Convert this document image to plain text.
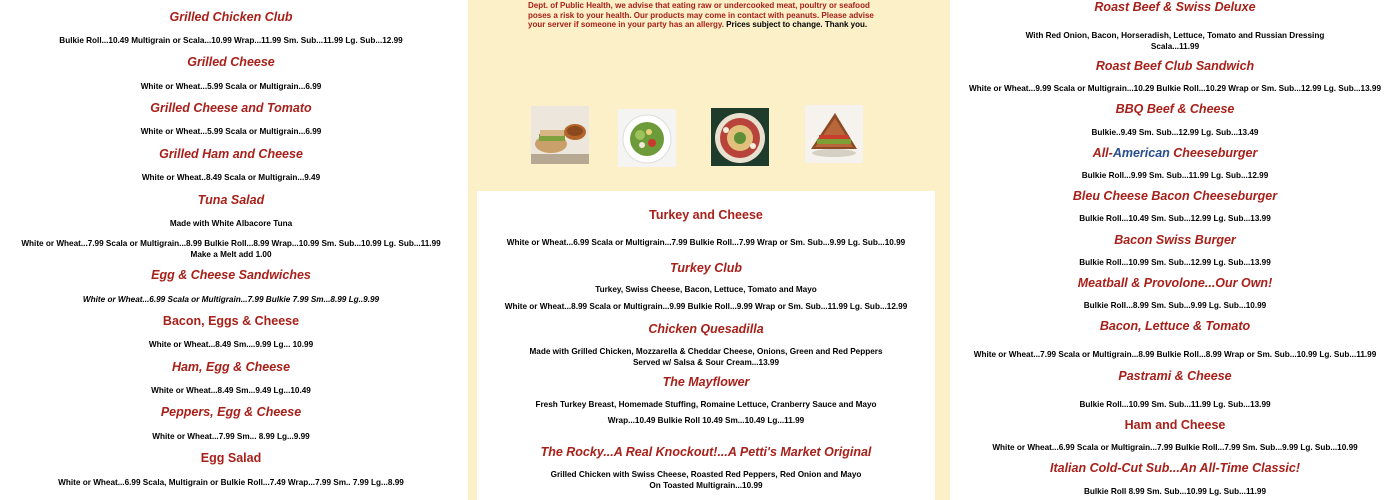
Grilled Chicken Club

Bulkie Roll...10.49 Multigrain or Scala...10.99 Wrap...11.99 Sm. Sub...11.99 Lg. Sub...12.99

Grilled Cheese

White or Wheat...5.99 Scala or Multigrain...6.99

Grilled Cheese and Tomato

White or Wheat...5.99 Scala or Multigrain...6.99

Grilled Ham and Cheese

White or Wheat..8.49 Scala or Multigrain...9.49

Tuna Salad

Made with White Albacore Tuna

White or Wheat...7.99 Scala or Multigrain...8.99 Bulkie Roll...8.99 Wrap...10.99 Sm. Sub...10.99 Lg. Sub...11.99

Make a Melt add 1.00

Egg & Cheese Sandwiches

White or Wheat...6.99 Scala or Multigrain...7.99 Bulkie 7.99 Sm...8.99 Lg..9.99

Bacon, Eggs & Cheese

White or Wheat...8.49 Sm....9.99 Lg... 10.99

Ham, Egg & Cheese

White or Wheat...8.49 Sm...9.49 Lg...10.49

Peppers, Egg & Cheese

White or Wheat...7.99 Sm... 8.99 Lg...9.99

Egg Salad

White or Wheat...6.99 Scala, Multigrain or Bulkie Roll...7.49 Wrap...7.99 Sm.. 7.99 Lg...8.99

Dept. of Public Health, we advise that eating raw or undercooked meat, poultry or seafood poses a risk to your health. Our products may come in contact with peanuts. Please advise your server if someone in your party has an allergy. Prices subject to change. Thank you.

Turkey and Cheese

White or Wheat...6.99 Scala or Multigrain...7.99 Bulkie Roll...7.99 Wrap or Sm. Sub...9.99 Lg. Sub...10.99

Turkey Club

Turkey, Swiss Cheese, Bacon, Lettuce, Tomato and Mayo

White or Wheat...8.99 Scala or Multigrain...9.99 Bulkie Roll...9.99 Wrap or Sm. Sub...11.99 Lg. Sub...12.99

Chicken Quesadilla

Made with Grilled Chicken, Mozzarella & Cheddar Cheese, Onions, Green and Red Peppers

Served w/ Salsa & Sour Cream...13.99

The Mayflower

Fresh Turkey Breast, Homemade Stuffing, Romaine Lettuce, Cranberry Sauce and Mayo

Wrap...10.49 Bulkie Roll 10.49 Sm...10.49 Lg...11.99

The Rocky...A Real Knockout!...A Petti's Market Original

Grilled Chicken with Swiss Cheese, Roasted Red Peppers, Red Onion and Mayo

On Toasted Multigrain...10.99

Roast Beef & Swiss Deluxe

With Red Onion, Bacon, Horseradish, Lettuce, Tomato and Russian Dressing

Scala...11.99

Roast Beef Club Sandwich

White or Wheat...9.99 Scala or Multigrain...10.29 Bulkie Roll...10.29 Wrap or Sm. Sub...12.99 Lg. Sub...13.99

BBQ Beef & Cheese

Bulkie..9.49 Sm. Sub...12.99 Lg. Sub...13.49

All-American Cheeseburger

Bulkie Roll...9.99 Sm. Sub...11.99 Lg. Sub...12.99

Bleu Cheese Bacon Cheeseburger

Bulkie Roll...10.49 Sm. Sub...12.99 Lg. Sub...13.99

Bacon Swiss Burger

Bulkie Roll...10.99 Sm. Sub...12.99 Lg. Sub...13.99

Meatball & Provolone...Our Own!

Bulkie Roll...8.99 Sm. Sub...9.99 Lg. Sub...10.99

Bacon, Lettuce & Tomato

White or Wheat...7.99 Scala or Multigrain...8.99 Bulkie Roll...8.99 Wrap or Sm. Sub...10.99 Lg. Sub...11.99

Pastrami & Cheese

Bulkie Roll...10.99 Sm. Sub...11.99 Lg. Sub...13.99

Ham and Cheese

White or Wheat...6.99 Scala or Multigrain...7.99 Bulkie Roll...7.99 Sm. Sub...9.99 Lg. Sub...10.99

Italian Cold-Cut Sub...An All-Time Classic!

Bulkie Roll 8.99 Sm. Sub...10.99 Lg. Sub...11.99
